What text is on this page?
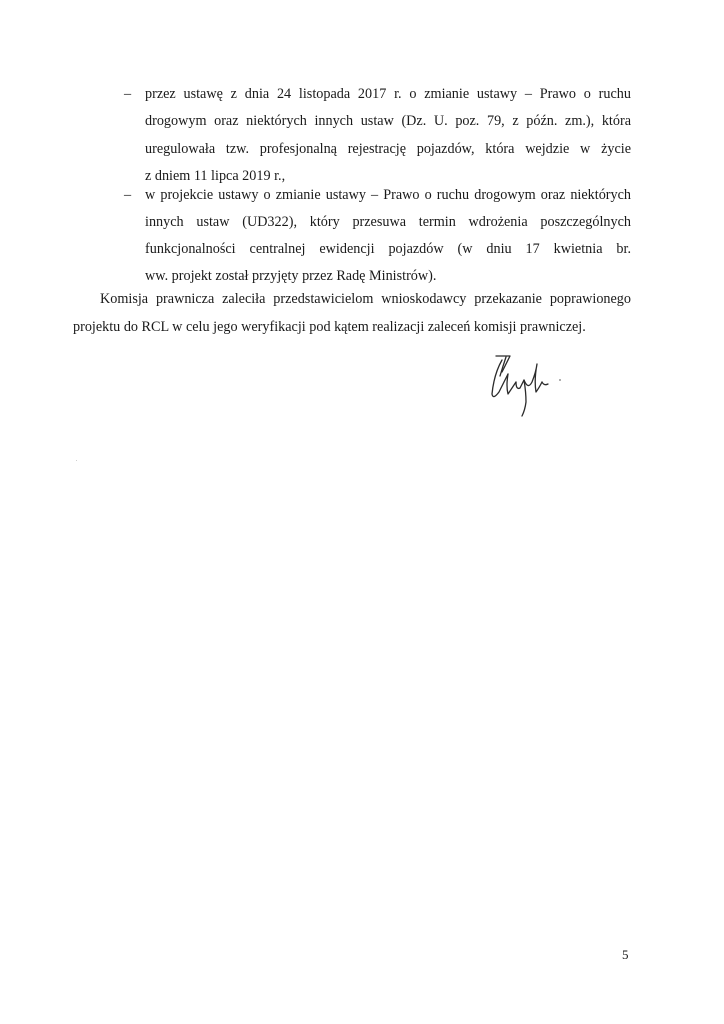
– przez ustawę z dnia 24 listopada 2017 r. o zmianie ustawy – Prawo o ruchu
drogowym oraz niektórych innych ustaw (Dz. U. poz. 79, z późn. zm.), która
uregulowała tzw. profesjonalną rejestrację pojazdów, która wejdzie w życie
z dniem 11 lipca 2019 r.,
– w projekcie ustawy o zmianie ustawy – Prawo o ruchu drogowym oraz niektórych
innych ustaw (UD322), który przesuwa termin wdrożenia poszczególnych
funkcjonalności centralnej ewidencji pojazdów (w dniu 17 kwietnia br.
ww. projekt został przyjęty przez Radę Ministrów).
Komisja prawnicza zaleciła przedstawicielom wnioskodawcy przekazanie poprawionego
projektu do RCL w celu jego weryfikacji pod kątem realizacji zaleceń komisji prawniczej.
5
